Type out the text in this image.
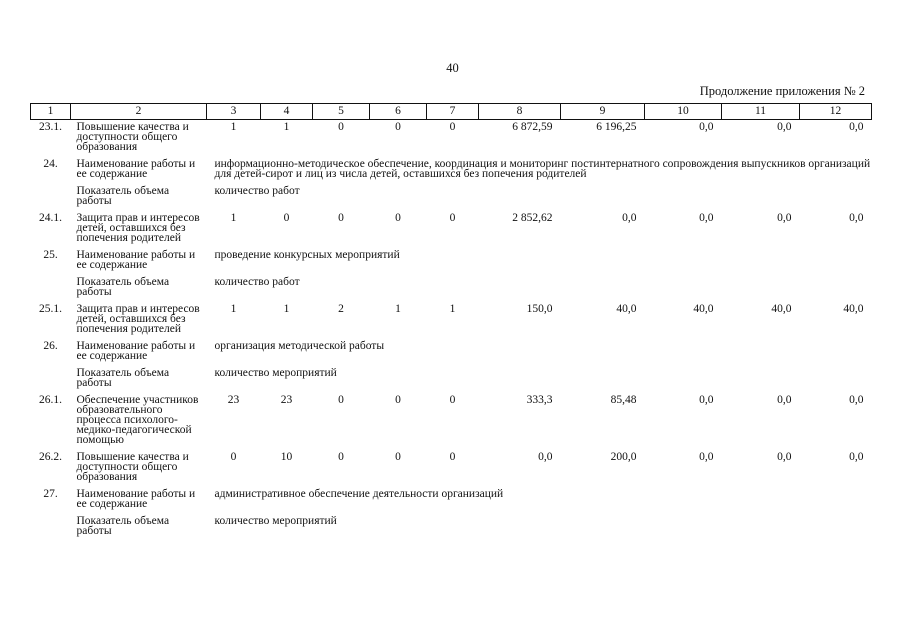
40
Продолжение приложения № 2
1	2	3	4	5	6	7	8	9	10	11	12
23.1.	Повышение качества и доступности общего образования	1	1	0	0	0	6 872,59	6 196,25	0,0	0,0	0,0
24.	Наименование работы и ее содержание	информационно-методическое обеспечение, координация и мониторинг постинтернатного сопровождения выпускников организаций для детей-сирот и лиц из числа детей, оставшихся без попечения родителей									
	Показатель объема работы	количество работ									
24.1.	Защита прав и интересов детей, оставшихся без попечения родителей	1	0	0	0	0	2 852,62	0,0	0,0	0,0	0,0
25.	Наименование работы и ее содержание	проведение конкурсных мероприятий									
	Показатель объема работы	количество работ									
25.1.	Защита прав и интересов детей, оставшихся без попечения родителей	1	1	2	1	1	150,0	40,0	40,0	40,0	40,0
26.	Наименование работы и ее содержание	организация методической работы									
	Показатель объема работы	количество мероприятий									
26.1.	Обеспечение участников образовательного процесса психолого-медико-педагогической помощью	23	23	0	0	0	333,3	85,48	0,0	0,0	0,0
26.2.	Повышение качества и доступности общего образования	0	10	0	0	0	0,0	200,0	0,0	0,0	0,0
27.	Наименование работы и ее содержание	административное обеспечение деятельности организаций									
	Показатель объема работы	количество мероприятий									
